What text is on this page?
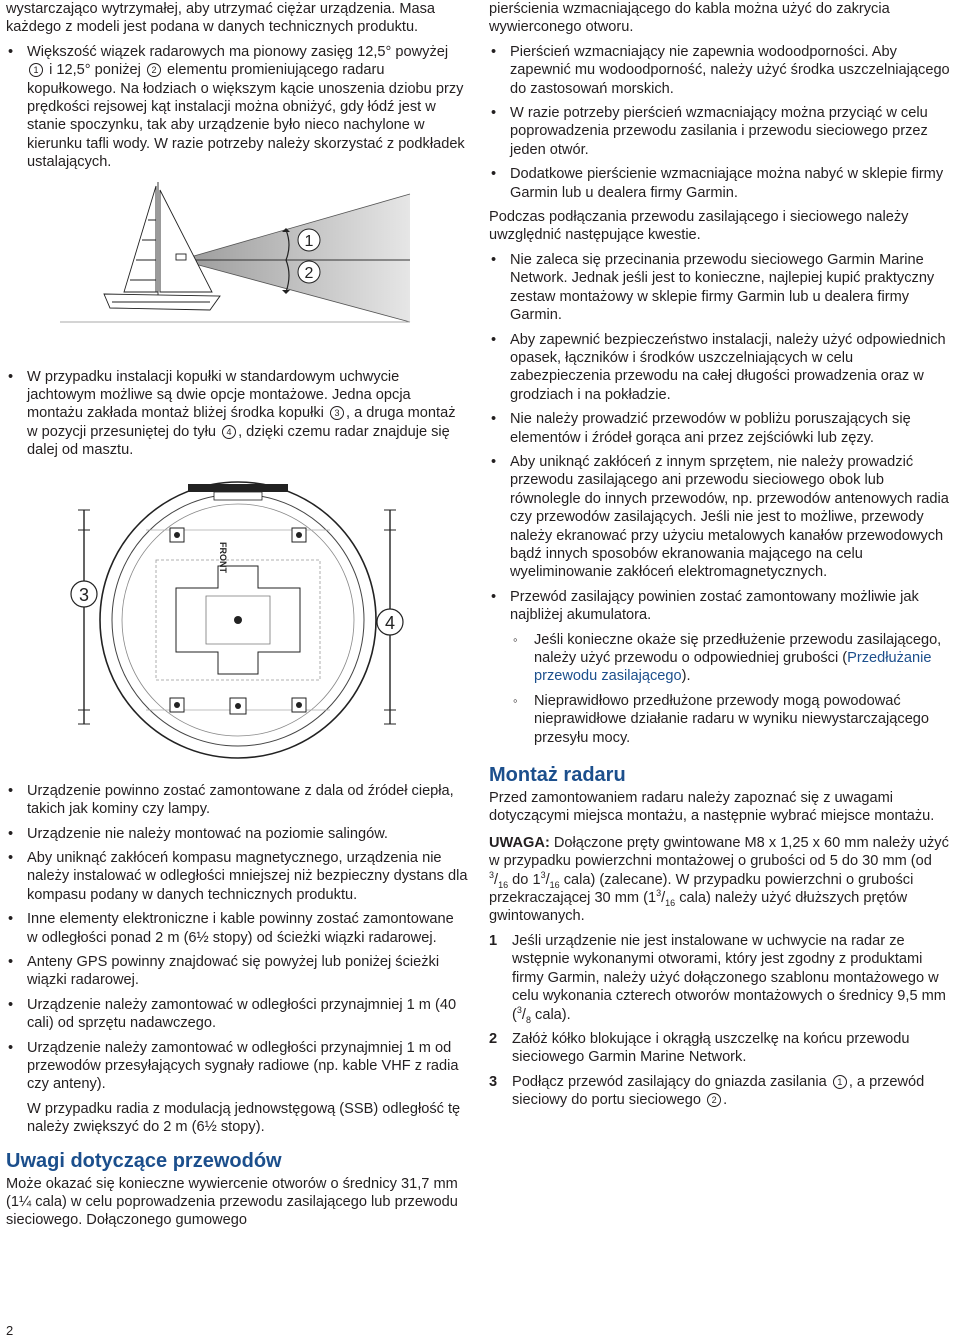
wystarczająco wytrzymałej, aby utrzymać ciężar urządzenia. Masa każdego z modeli jest podana w danych technicznych produktu.

• Większość wiązek radarowych ma pionowy zasięg 12,5° powyżej 1 i 12,5° poniżej 2 elementu promieniującego radaru kopułkowego. Na łodziach o większym kącie unoszenia dziobu przy prędkości rejsowej kąt instalacji można obniżyć, gdy łódź jest w stanie spoczynku, tak aby urządzenie było nieco nachylone w kierunku tafli wody. W razie potrzeby należy skorzystać z podkładek ustalających.
1
2
• W przypadku instalacji kopułki w standardowym uchwycie jachtowym możliwe są dwie opcje montażowe. Jedna opcja montażu zakłada montaż bliżej środka kopułki 3 , a druga montaż w pozycji przesuniętej do tyłu 4 , dzięki czemu radar znajduje się dalej od masztu.
FRONT
3
4
• Urządzenie powinno zostać zamontowane z dala od źródeł ciepła, takich jak kominy czy lampy.
• Urządzenie nie należy montować na poziomie salingów.
• Aby uniknąć zakłóceń kompasu magnetycznego, urządzenia nie należy instalować w odległości mniejszej niż bezpieczny dystans dla kompasu podany w danych technicznych produktu.
• Inne elementy elektroniczne i kable powinny zostać zamontowane w odległości ponad 2 m (6½ stopy) od ścieżki wiązki radarowej.
• Anteny GPS powinny znajdować się powyżej lub poniżej ścieżki wiązki radarowej.
• Urządzenie należy zamontować w odległości przynajmniej 1 m (40 cali) od sprzętu nadawczego.
• Urządzenie należy zamontować w odległości przynajmniej 1 m od przewodów przesyłających sygnały radiowe (np. kable VHF z radia czy anteny).

W przypadku radia z modulacją jednowstęgową (SSB) odległość tę należy zwiększyć do 2 m (6½ stopy).

Uwagi dotyczące przewodów

Może okazać się konieczne wywiercenie otworów o średnicy 31,7 mm (1¼ cala) w celu poprowadzenia przewodu zasilającego lub przewodu sieciowego. Dołączonego gumowego

pierścienia wzmacniającego do kabla można użyć do zakrycia wywierconego otworu.

• Pierścień wzmacniający nie zapewnia wodoodporności. Aby zapewnić mu wodoodporność, należy użyć środka uszczelniającego do zastosowań morskich.
• W razie potrzeby pierścień wzmacniający można przyciąć w celu poprowadzenia przewodu zasilania i przewodu sieciowego przez jeden otwór.
• Dodatkowe pierścienie wzmacniające można nabyć w sklepie firmy Garmin lub u dealera firmy Garmin.

Podczas podłączania przewodu zasilającego i sieciowego należy uwzględnić następujące kwestie.

• Nie zaleca się przecinania przewodu sieciowego Garmin Marine Network. Jednak jeśli jest to konieczne, najlepiej kupić praktyczny zestaw montażowy w sklepie firmy Garmin lub u dealera firmy Garmin.
• Aby zapewnić bezpieczeństwo instalacji, należy użyć odpowiednich opasek, łączników i środków uszczelniających w celu zabezpieczenia przewodu na całej długości prowadzenia oraz w grodziach i na pokładzie.
• Nie należy prowadzić przewodów w pobliżu poruszających się elementów i źródeł gorąca ani przez zejściówki lub zęzy.
• Aby uniknąć zakłóceń z innym sprzętem, nie należy prowadzić przewodu zasilającego ani przewodu sieciowego obok lub równolegle do innych przewodów, np. przewodów antenowych radia czy przewodów zasilających. Jeśli nie jest to możliwe, przewody należy ekranować przy użyciu metalowych kanałów przewodowych bądź innych sposobów ekranowania mającego na celu wyeliminowanie zakłóceń elektromagnetycznych.
• Przewód zasilający powinien zostać zamontowany możliwie jak najbliżej akumulatora.
◦ Jeśli konieczne okaże się przedłużenie przewodu zasilającego, należy użyć przewodu o odpowiedniej grubości (Przedłużanie przewodu zasilającego).
◦ Nieprawidłowo przedłużone przewody mogą powodować nieprawidłowe działanie radaru w wyniku niewystarczającego przesyłu mocy.
Montaż radaru

Przed zamontowaniem radaru należy zapoznać się z uwagami dotyczącymi miejsca montażu, a następnie wybrać miejsce montażu.

UWAGA: Dołączone pręty gwintowane M8 x 1,25 x 60 mm należy użyć w przypadku powierzchni montażowej o grubości od 5 do 30 mm (od $^3/_{16}$ do $1^3/_{16}$ cala) (zalecane). W przypadku powierzchni o grubości przekraczającej 30 mm ($1^3/_{16}$ cala) należy użyć dłuższych prętów gwintowanych.

1 Jeśli urządzenie nie jest instalowane w uchwycie na radar ze wstępnie wykonanymi otworami, który jest zgodny z produktami firmy Garmin, należy użyć dołączonego szablonu montażowego w celu wykonania czterech otworów montażowych o średnicy 9,5 mm ($^3/_8$ cala).
2 Załóż kółko blokujące i okrągłą uszczelkę na końcu przewodu sieciowego Garmin Marine Network.
3 Podłącz przewód zasilający do gniazda zasilania 1 , a przewód sieciowy do portu sieciowego 2 .
2
